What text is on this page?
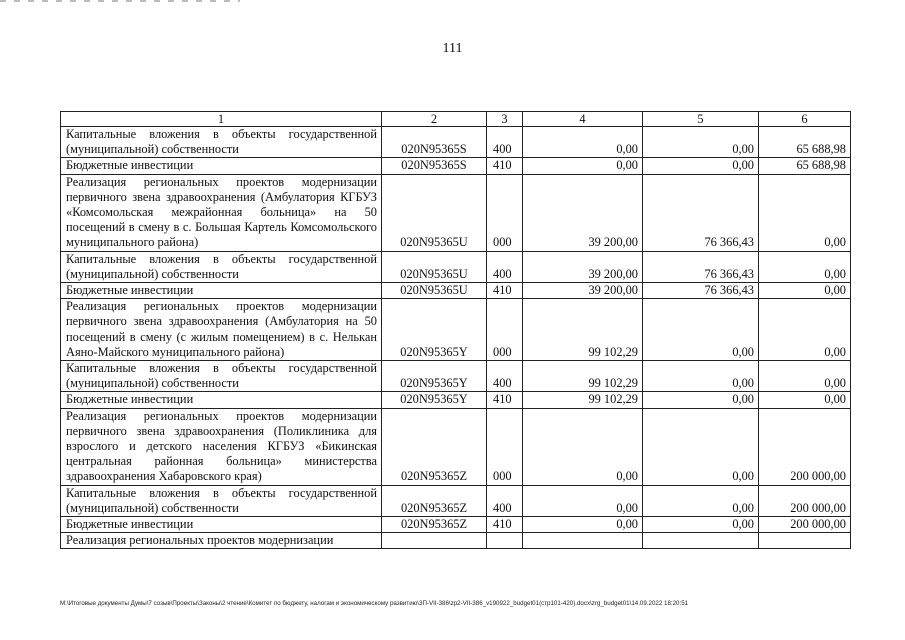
111
1	2	3	4	5	6
Капитальные вложения в объекты государственной (муниципальной) собственности	020N95365S	400	0,00	0,00	65 688,98
Бюджетные инвестиции	020N95365S	410	0,00	0,00	65 688,98
Реализация региональных проектов модернизации первичного звена здравоохранения (Амбулатория КГБУЗ «Комсомольская межрайонная больница» на 50 посещений в смену в с. Большая Картель Комсомольского муниципального района)	020N95365U	000	39 200,00	76 366,43	0,00
Капитальные вложения в объекты государственной (муниципальной) собственности	020N95365U	400	39 200,00	76 366,43	0,00
Бюджетные инвестиции	020N95365U	410	39 200,00	76 366,43	0,00
Реализация региональных проектов модернизации первичного звена здравоохранения (Амбулатория на 50 посещений в смену (с жилым помещением) в с. Нелькан Аяно-Майского муниципального района)	020N95365Y	000	99 102,29	0,00	0,00
Капитальные вложения в объекты государственной (муниципальной) собственности	020N95365Y	400	99 102,29	0,00	0,00
Бюджетные инвестиции	020N95365Y	410	99 102,29	0,00	0,00
Реализация региональных проектов модернизации первичного звена здравоохранения (Поликлиника для взрослого и детского населения КГБУЗ «Бикинская центральная районная больница» министерства здравоохранения Хабаровского края)	020N95365Z	000	0,00	0,00	200 000,00
Капитальные вложения в объекты государственной (муниципальной) собственности	020N95365Z	400	0,00	0,00	200 000,00
Бюджетные инвестиции	020N95365Z	410	0,00	0,00	200 000,00
Реализация региональных проектов модернизации					
М:\Итоговые документы Думы\7 созыв\Проекты\Законы\2 чтение\Комитет по бюджету, налогам и экономическому развитию\3П-VII-386\zp2-VII-386_v190922_budget01(стр101-420).docx\zrg_budget01\14.09.2022 18:20:51
